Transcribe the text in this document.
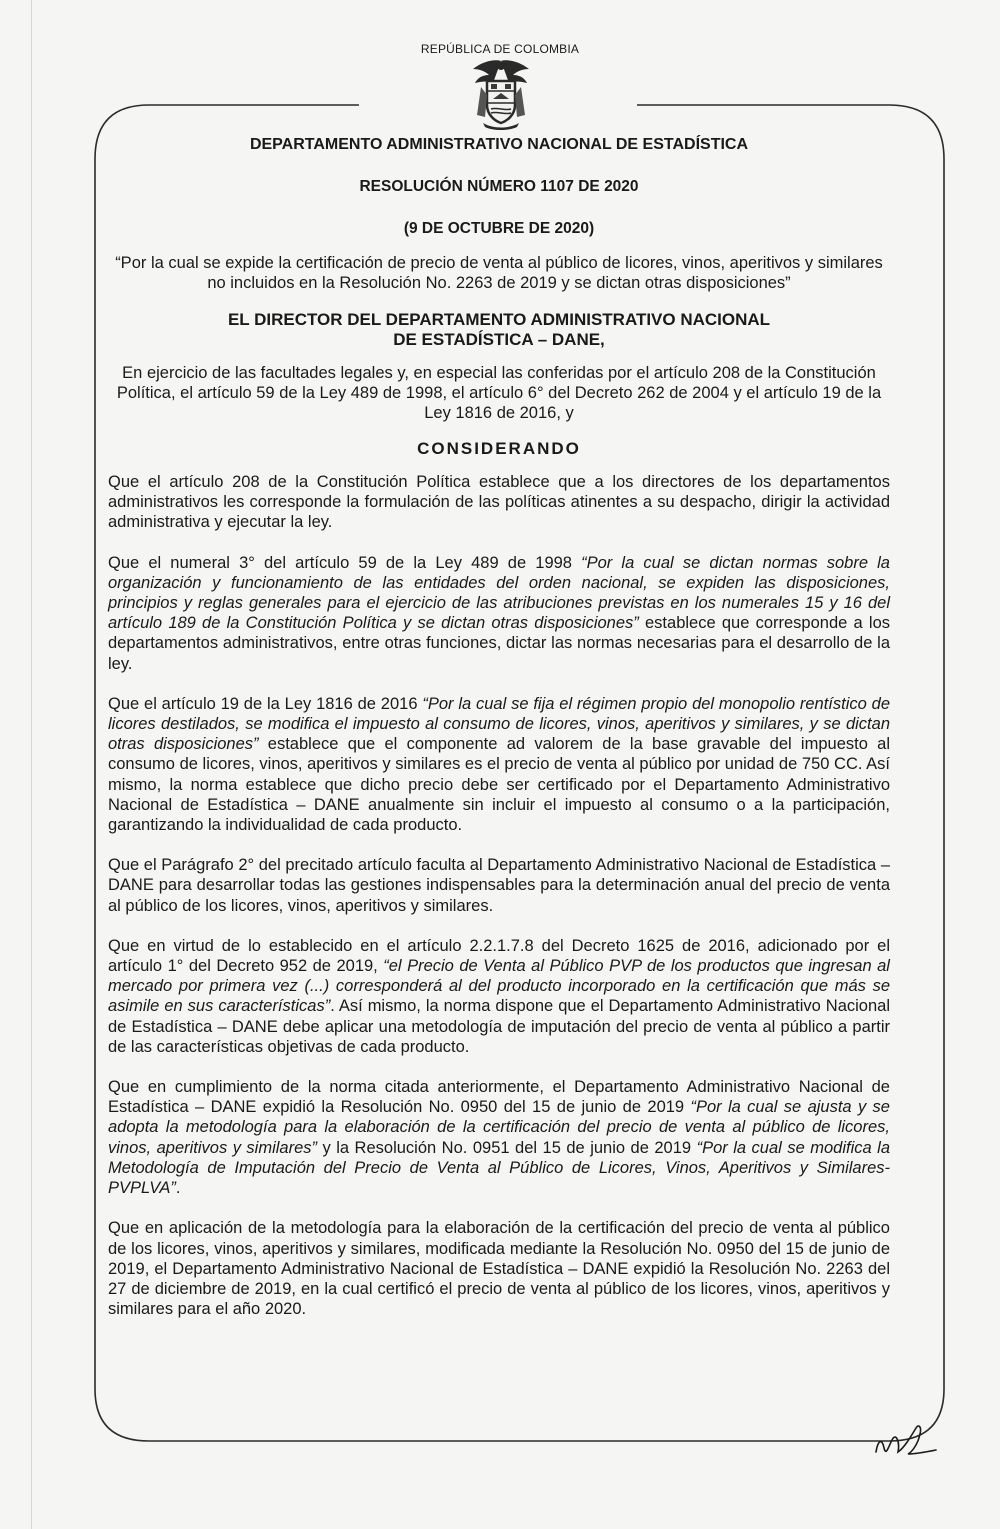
REPÚBLICA DE COLOMBIA
DEPARTAMENTO ADMINISTRATIVO NACIONAL DE ESTADÍSTICA
RESOLUCIÓN NÚMERO 1107 DE 2020
(9 DE OCTUBRE DE 2020)
“Por la cual se expide la certificación de precio de venta al público de licores, vinos, aperitivos y similares no incluidos en la Resolución No. 2263 de 2019 y se dictan otras disposiciones”
EL DIRECTOR DEL DEPARTAMENTO ADMINISTRATIVO NACIONAL
DE ESTADÍSTICA – DANE,
En ejercicio de las facultades legales y, en especial las conferidas por el artículo 208 de la Constitución Política, el artículo 59 de la Ley 489 de 1998, el artículo 6° del Decreto 262 de 2004 y el artículo 19 de la Ley 1816 de 2016, y
CONSIDERANDO

Que el artículo 208 de la Constitución Política establece que a los directores de los departamentos administrativos les corresponde la formulación de las políticas atinentes a su despacho, dirigir la actividad administrativa y ejecutar la ley.

Que el numeral 3° del artículo 59 de la Ley 489 de 1998 “Por la cual se dictan normas sobre la organización y funcionamiento de las entidades del orden nacional, se expiden las disposiciones, principios y reglas generales para el ejercicio de las atribuciones previstas en los numerales 15 y 16 del artículo 189 de la Constitución Política y se dictan otras disposiciones” establece que corresponde a los departamentos administrativos, entre otras funciones, dictar las normas necesarias para el desarrollo de la ley.

Que el artículo 19 de la Ley 1816 de 2016 “Por la cual se fija el régimen propio del monopolio rentístico de licores destilados, se modifica el impuesto al consumo de licores, vinos, aperitivos y similares, y se dictan otras disposiciones” establece que el componente ad valorem de la base gravable del impuesto al consumo de licores, vinos, aperitivos y similares es el precio de venta al público por unidad de 750 CC. Así mismo, la norma establece que dicho precio debe ser certificado por el Departamento Administrativo Nacional de Estadística – DANE anualmente sin incluir el impuesto al consumo o a la participación, garantizando la individualidad de cada producto.

Que el Parágrafo 2° del precitado artículo faculta al Departamento Administrativo Nacional de Estadística – DANE para desarrollar todas las gestiones indispensables para la determinación anual del precio de venta al público de los licores, vinos, aperitivos y similares.

Que en virtud de lo establecido en el artículo 2.2.1.7.8 del Decreto 1625 de 2016, adicionado por el artículo 1° del Decreto 952 de 2019, “el Precio de Venta al Público PVP de los productos que ingresan al mercado por primera vez (...) corresponderá al del producto incorporado en la certificación que más se asimile en sus características”. Así mismo, la norma dispone que el Departamento Administrativo Nacional de Estadística – DANE debe aplicar una metodología de imputación del precio de venta al público a partir de las características objetivas de cada producto.

Que en cumplimiento de la norma citada anteriormente, el Departamento Administrativo Nacional de Estadística – DANE expidió la Resolución No. 0950 del 15 de junio de 2019 “Por la cual se ajusta y se adopta la metodología para la elaboración de la certificación del precio de venta al público de licores, vinos, aperitivos y similares” y la Resolución No. 0951 del 15 de junio de 2019 “Por la cual se modifica la Metodología de Imputación del Precio de Venta al Público de Licores, Vinos, Aperitivos y Similares- PVPLVA”.

Que en aplicación de la metodología para la elaboración de la certificación del precio de venta al público de los licores, vinos, aperitivos y similares, modificada mediante la Resolución No. 0950 del 15 de junio de 2019, el Departamento Administrativo Nacional de Estadística – DANE expidió la Resolución No. 2263 del 27 de diciembre de 2019, en la cual certificó el precio de venta al público de los licores, vinos, aperitivos y similares para el año 2020.
